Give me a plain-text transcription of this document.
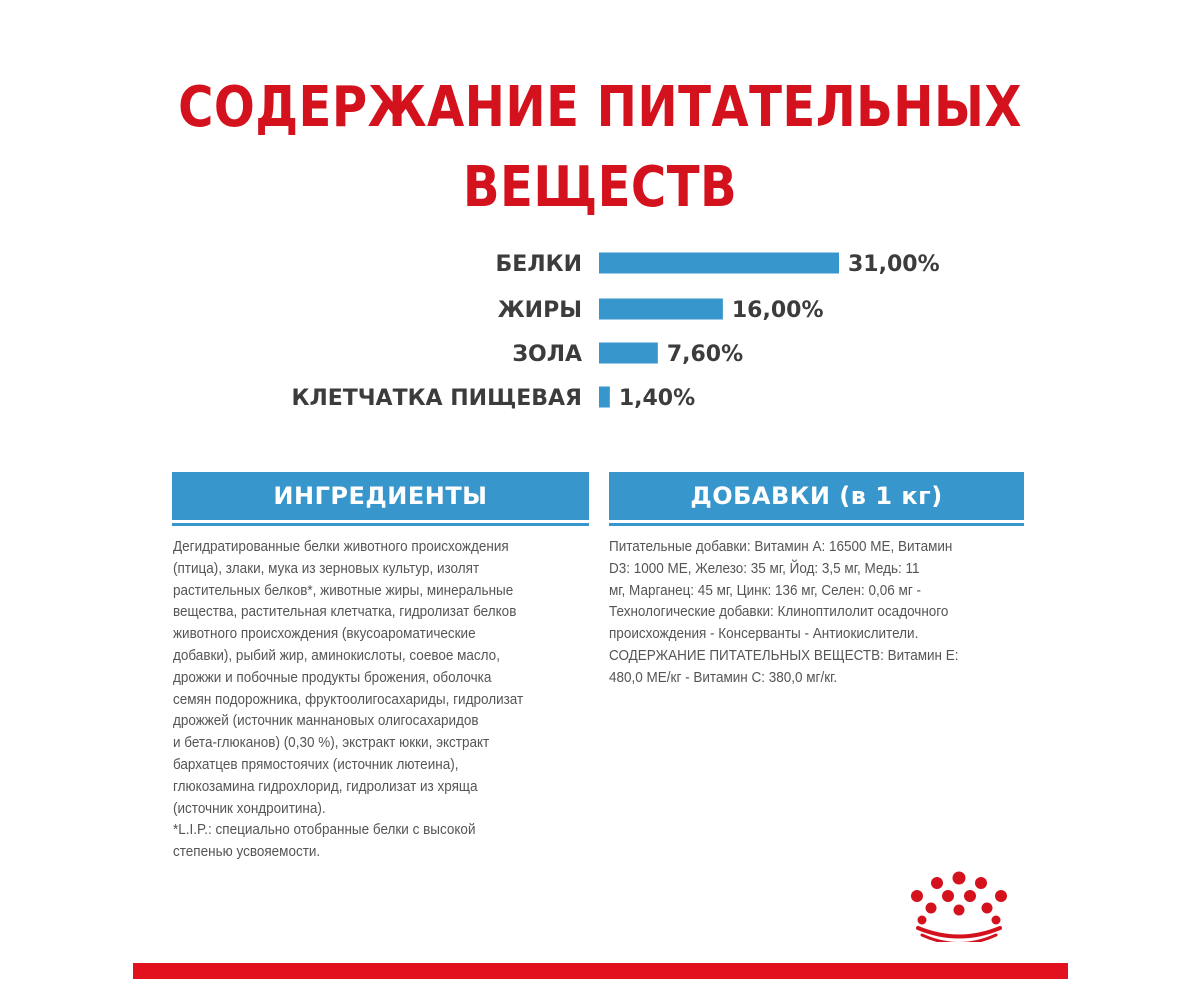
СОДЕРЖАНИЕ ПИТАТЕЛЬНЫХ
ВЕЩЕСТВ
БЕЛКИ	31,00%
ЖИРЫ	16,00%
ЗОЛА	7,60%
КЛЕТЧАТКА ПИЩЕВАЯ 1,40%
ИНГРЕДИЕНТЫ	ДОБАВКИ (в 1 кг)
Дегидратированные белки животного происхождения
(птица), злаки, мука из зерновых культур, изолят
растительных белков*, животные жиры, минеральные
вещества, растительная клетчатка, гидролизат белков
животного происхождения (вкусоароматические
добавки), рыбий жир, аминокислоты, соевое масло,
дрожжи и побочные продукты брожения, оболочка
семян подорожника, фруктоолигосахариды, гидролизат
дрожжей (источник маннановых олигосахаридов
и бета-глюканов) (0,30 %), экстракт юкки, экстракт
бархатцев прямостоячих (источник лютеина),
глюкозамина гидрохлорид, гидролизат из хряща
(источник хондроитина).
*L.I.P.: специально отобранные белки с высокой
степенью усвояемости.
Питательные добавки: Витамин A: 16500 МЕ, Витамин
D3: 1000 МЕ, Железо: 35 мг, Йод: 3,5 мг, Медь: 11
мг, Марганец: 45 мг, Цинк: 136 мг, Селен: 0,06 мг -
Технологические добавки: Клиноптилолит осадочного
происхождения - Консерванты - Антиокислители.
СОДЕРЖАНИЕ ПИТАТЕЛЬНЫХ ВЕЩЕСТВ: Витамин E:
480,0 МЕ/кг - Витамин С: 380,0 мг/кг.
